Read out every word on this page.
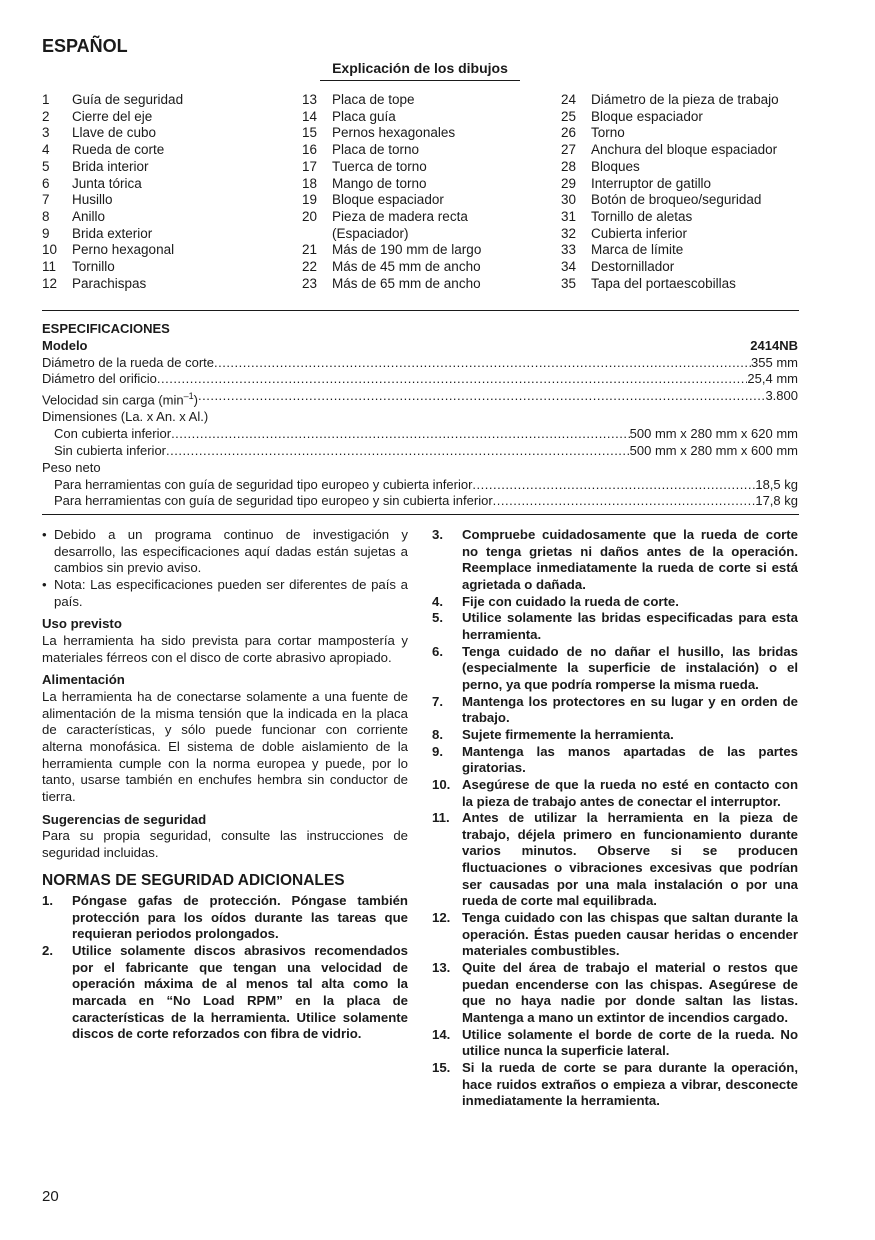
ESPAÑOL
Explicación de los dibujos
1	Guía de seguridad
2	Cierre del eje
3	Llave de cubo
4	Rueda de corte
5	Brida interior
6	Junta tórica
7	Husillo
8	Anillo
9	Brida exterior
10	Perno hexagonal
11	Tornillo
12	Parachispas
13	Placa de tope
14	Placa guía
15	Pernos hexagonales
16	Placa de torno
17	Tuerca de torno
18	Mango de torno
19	Bloque espaciador
20	Pieza de madera recta
(Espaciador)
21	Más de 190 mm de largo
22	Más de 45 mm de ancho
23	Más de 65 mm de ancho
24	Diámetro de la pieza de trabajo
25	Bloque espaciador
26	Torno
27	Anchura del bloque espaciador
28	Bloques
29	Interruptor de gatillo
30	Botón de broqueo/seguridad
31	Tornillo de aletas
32	Cubierta inferior
33	Marca de límite
34	Destornillador
35	Tapa del portaescobillas
ESPECIFICACIONES
Modelo	2414NB
Diámetro de la rueda de corte .....	355 mm
Diámetro del orificio .....	25,4 mm
Velocidad sin carga $(\min^{-1})$ .....	3.800
Dimensiones (La. x An. x Al.)
Con cubierta inferior .....	500 mm x 280 mm x 620 mm
Sin cubierta inferior .....	500 mm x 280 mm x 600 mm
Peso neto
Para herramientas con guía de seguridad tipo europeo y cubierta inferior .....	18,5 kg
Para herramientas con guía de seguridad tipo europeo y sin cubierta inferior .....	17,8 kg
• Debido a un programa continuo de investigación y desarrollo, las especificaciones aquí dadas están sujetas a cambios sin previo aviso.
• Nota: Las especificaciones pueden ser diferentes de país a país.

Uso previsto

La herramienta ha sido prevista para cortar mampostería y materiales férreos con el disco de corte abrasivo apropiado.

Alimentación

La herramienta ha de conectarse solamente a una fuente de alimentación de la misma tensión que la indicada en la placa de características, y sólo puede funcionar con corriente alterna monofásica. El sistema de doble aislamiento de la herramienta cumple con la norma europea y puede, por lo tanto, usarse también en enchufes hembra sin conductor de tierra.

Sugerencias de seguridad

Para su propia seguridad, consulte las instrucciones de seguridad incluidas.

NORMAS DE SEGURIDAD ADICIONALES

1.	Póngase gafas de protección. Póngase también protección para los oídos durante las tareas que requieran periodos prolongados.
2.	Utilice solamente discos abrasivos recomendados por el fabricante que tengan una velocidad de operación máxima de al menos tal alta como la marcada en “No Load RPM” en la placa de características de la herramienta. Utilice solamente discos de corte reforzados con fibra de vidrio.
3.	Compruebe cuidadosamente que la rueda de corte no tenga grietas ni daños antes de la operación. Reemplace inmediatamente la rueda de corte si está agrietada o dañada.
4.	Fije con cuidado la rueda de corte.
5.	Utilice solamente las bridas especificadas para esta herramienta.
6.	Tenga cuidado de no dañar el husillo, las bridas (especialmente la superficie de instalación) o el perno, ya que podría romperse la misma rueda.
7.	Mantenga los protectores en su lugar y en orden de trabajo.
8.	Sujete firmemente la herramienta.
9.	Mantenga las manos apartadas de las partes giratorias.
10. Asegúrese de que la rueda no esté en contacto con la pieza de trabajo antes de conectar el interruptor.
11. Antes de utilizar la herramienta en la pieza de trabajo, déjela primero en funcionamiento durante varios minutos. Observe si se producen fluctuaciones o vibraciones excesivas que podrían ser causadas por una mala instalación o por una rueda de corte mal equilibrada.
12. Tenga cuidado con las chispas que saltan durante la operación. Éstas pueden causar heridas o encender materiales combustibles.
13. Quite del área de trabajo el material o restos que puedan encenderse con las chispas. Asegúrese de que no haya nadie por donde saltan las listas. Mantenga a mano un extintor de incendios cargado.
14. Utilice solamente el borde de corte de la rueda. No utilice nunca la superficie lateral.
15. Si la rueda de corte se para durante la operación, hace ruidos extraños o empieza a vibrar, desconecte inmediatamente la herramienta.
20
